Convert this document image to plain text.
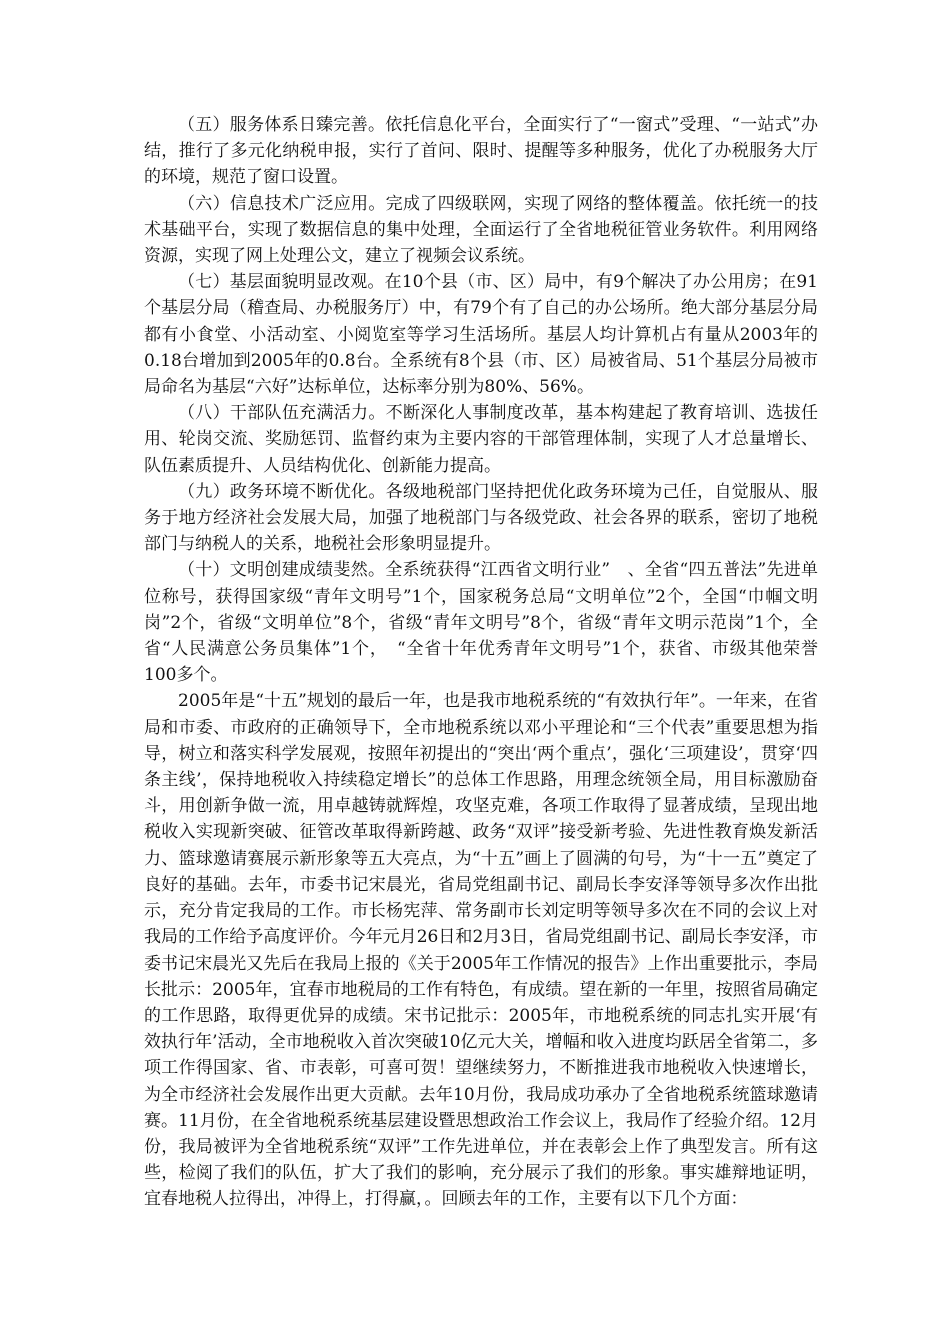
（五）服务体系日臻完善。依托信息化平台，全面实行了“一窗式”受理、“一站式”办结，推行了多元化纳税申报，实行了首问、限时、提醒等多种服务，优化了办税服务大厅的环境，规范了窗口设置。

（六）信息技术广泛应用。完成了四级联网，实现了网络的整体覆盖。依托统一的技术基础平台，实现了数据信息的集中处理，全面运行了全省地税征管业务软件。利用网络资源，实现了网上处理公文，建立了视频会议系统。

（七）基层面貌明显改观。在10个县（市、区）局中，有9个解决了办公用房；在91个基层分局（稽查局、办税服务厅）中，有79个有了自己的办公场所。绝大部分基层分局都有小食堂、小活动室、小阅览室等学习生活场所。基层人均计算机占有量从2003年的0.18台增加到2005年的0.8台。全系统有8个县（市、区）局被省局、51个基层分局被市局命名为基层“六好”达标单位，达标率分别为80%、56%。

（八）干部队伍充满活力。不断深化人事制度改革，基本构建起了教育培训、选拔任用、轮岗交流、奖励惩罚、监督约束为主要内容的干部管理体制，实现了人才总量增长、队伍素质提升、人员结构优化、创新能力提高。

（九）政务环境不断优化。各级地税部门坚持把优化政务环境为己任，自觉服从、服务于地方经济社会发展大局，加强了地税部门与各级党政、社会各界的联系，密切了地税部门与纳税人的关系，地税社会形象明显提升。

（十）文明创建成绩斐然。全系统获得“江西省文明行业”　、全省“四五普法”先进单位称号，获得国家级“青年文明号”1个，国家税务总局“文明单位”2个，全国“巾帼文明岗”2个，省级“文明单位”8个，省级“青年文明号”8个，省级“青年文明示范岗”1个，全省“人民满意公务员集体”1个，　“全省十年优秀青年文明号”1个，获省、市级其他荣誉100多个。

2005年是“十五”规划的最后一年，也是我市地税系统的“有效执行年”。一年来，在省局和市委、市政府的正确领导下，全市地税系统以邓小平理论和“三个代表”重要思想为指导，树立和落实科学发展观，按照年初提出的“突出‘两个重点’，强化‘三项建设’，贯穿‘四条主线’，保持地税收入持续稳定增长”的总体工作思路，用理念统领全局，用目标激励奋斗，用创新争做一流，用卓越铸就辉煌，攻坚克难，各项工作取得了显著成绩，呈现出地税收入实现新突破、征管改革取得新跨越、政务“双评”接受新考验、先进性教育焕发新活力、篮球邀请赛展示新形象等五大亮点，为“十五”画上了圆满的句号，为“十一五”奠定了良好的基础。去年，市委书记宋晨光，省局党组副书记、副局长李安泽等领导多次作出批示，充分肯定我局的工作。市长杨宪萍、常务副市长刘定明等领导多次在不同的会议上对我局的工作给予高度评价。今年元月26日和2月3日，省局党组副书记、副局长李安泽，市委书记宋晨光又先后在我局上报的《关于2005年工作情况的报告》上作出重要批示，李局长批示：2005年，宜春市地税局的工作有特色，有成绩。望在新的一年里，按照省局确定的工作思路，取得更优异的成绩。宋书记批示：2005年，市地税系统的同志扎实开展‘有效执行年’活动，全市地税收入首次突破10亿元大关，增幅和收入进度均跃居全省第二，多项工作得国家、省、市表彰，可喜可贺！望继续努力，不断推进我市地税收入快速增长，为全市经济社会发展作出更大贡献。去年10月份，我局成功承办了全省地税系统篮球邀请赛。11月份，在全省地税系统基层建设暨思想政治工作会议上，我局作了经验介绍。12月份，我局被评为全省地税系统“双评”工作先进单位，并在表彰会上作了典型发言。所有这些，检阅了我们的队伍，扩大了我们的影响，充分展示了我们的形象。事实雄辩地证明，宜春地税人拉得出，冲得上，打得赢，。回顾去年的工作，主要有以下几个方面：
